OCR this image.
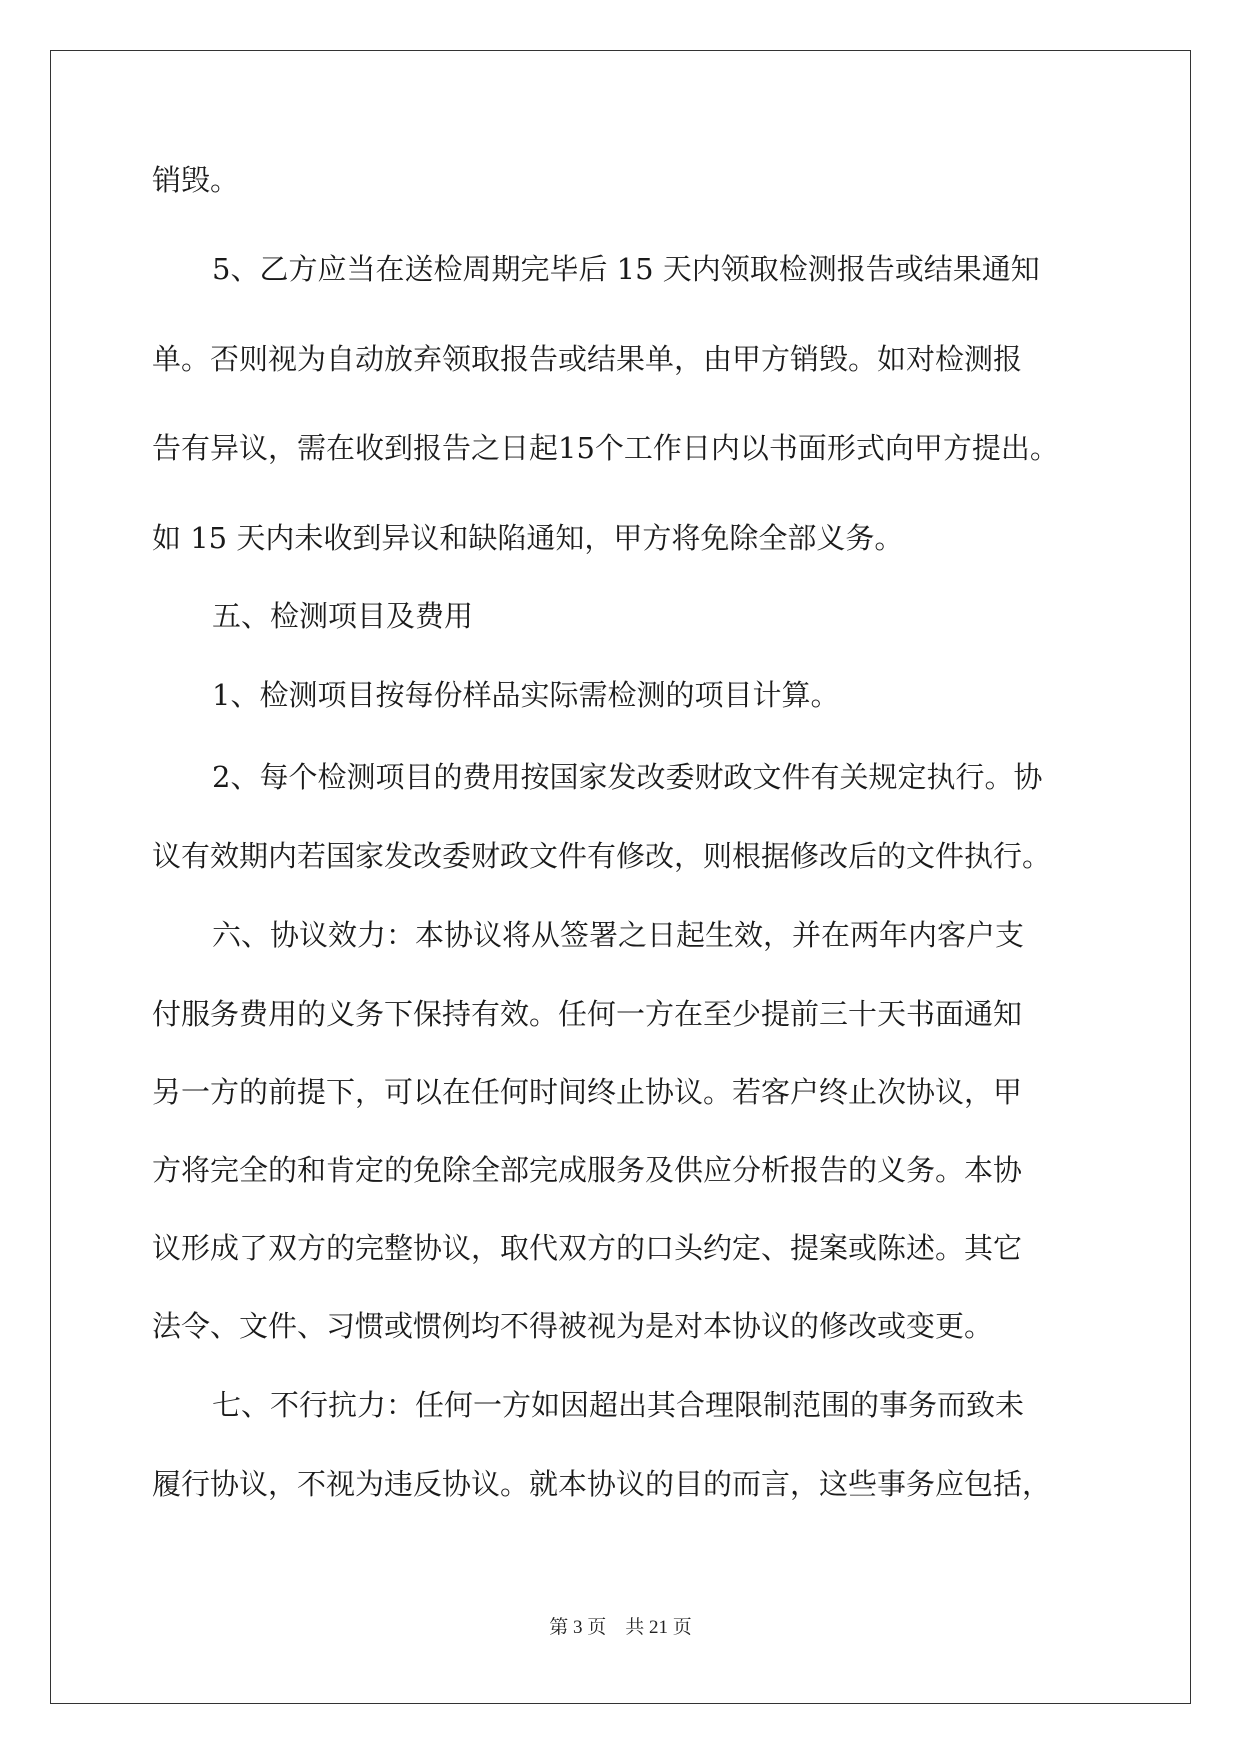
销毁。
5、乙方应当在送检周期完毕后 15 天内领取检测报告或结果通知
单。否则视为自动放弃领取报告或结果单，由甲方销毁。如对检测报
告有异议，需在收到报告之日起15个工作日内以书面形式向甲方提出。
如 15 天内未收到异议和缺陷通知，甲方将免除全部义务。
五、检测项目及费用
1、检测项目按每份样品实际需检测的项目计算。
2、每个检测项目的费用按国家发改委财政文件有关规定执行。协
议有效期内若国家发改委财政文件有修改，则根据修改后的文件执行。
六、协议效力：本协议将从签署之日起生效，并在两年内客户支
付服务费用的义务下保持有效。任何一方在至少提前三十天书面通知
另一方的前提下，可以在任何时间终止协议。若客户终止次协议，甲
方将完全的和肯定的免除全部完成服务及供应分析报告的义务。本协
议形成了双方的完整协议，取代双方的口头约定、提案或陈述。其它
法令、文件、习惯或惯例均不得被视为是对本协议的修改或变更。
七、不行抗力：任何一方如因超出其合理限制范围的事务而致未
履行协议，不视为违反协议。就本协议的目的而言，这些事务应包括，
第 3 页　共 21 页
